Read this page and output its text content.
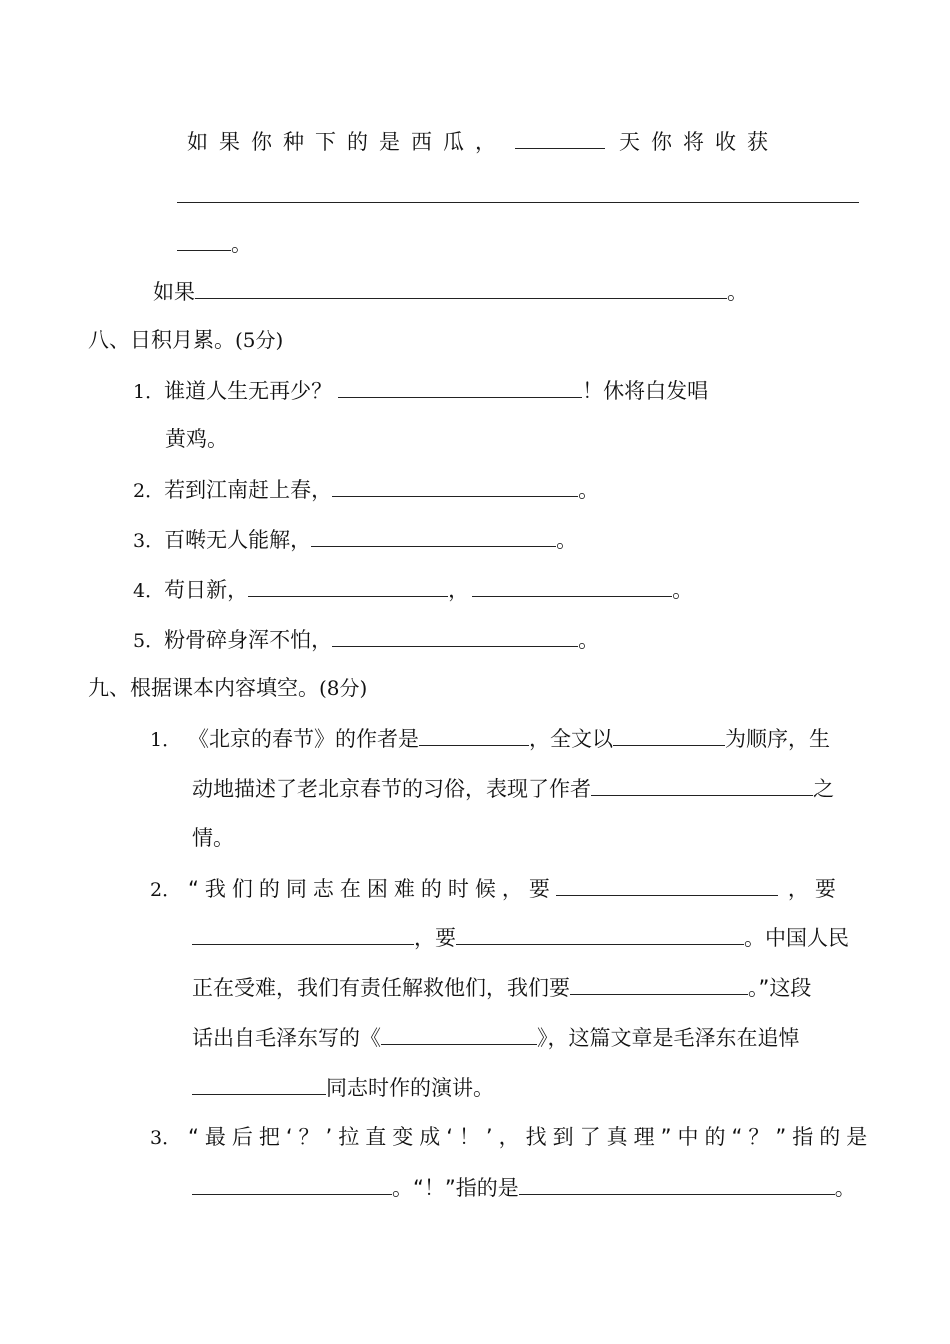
如果你种下的是西瓜，	天你将收获
。
如果	。
八、日积月累。(5分)
1．谁道人生无再少？	！休将白发唱
黄鸡。
2．若到江南赶上春，	。
3．百啭无人能解，	。
4．苟日新，	，	。
5．粉骨碎身浑不怕，	。
九、根据课本内容填空。(8分)
1． 《北京的春节》的作者是	，全文以	为顺序，生
动地描述了老北京春节的习俗，表现了作者	之
情。
2． “我们的同志在困难的时候，要	，要
，要	。中国人民
正在受难，我们有责任解救他们，我们要	。”这段
话出自毛泽东写的《	》，这篇文章是毛泽东在追悼
同志时作的演讲。
3． “最后把‘？’拉直变成‘！’，找到了真理”中的“？”指的是
。“！”指的是	。
